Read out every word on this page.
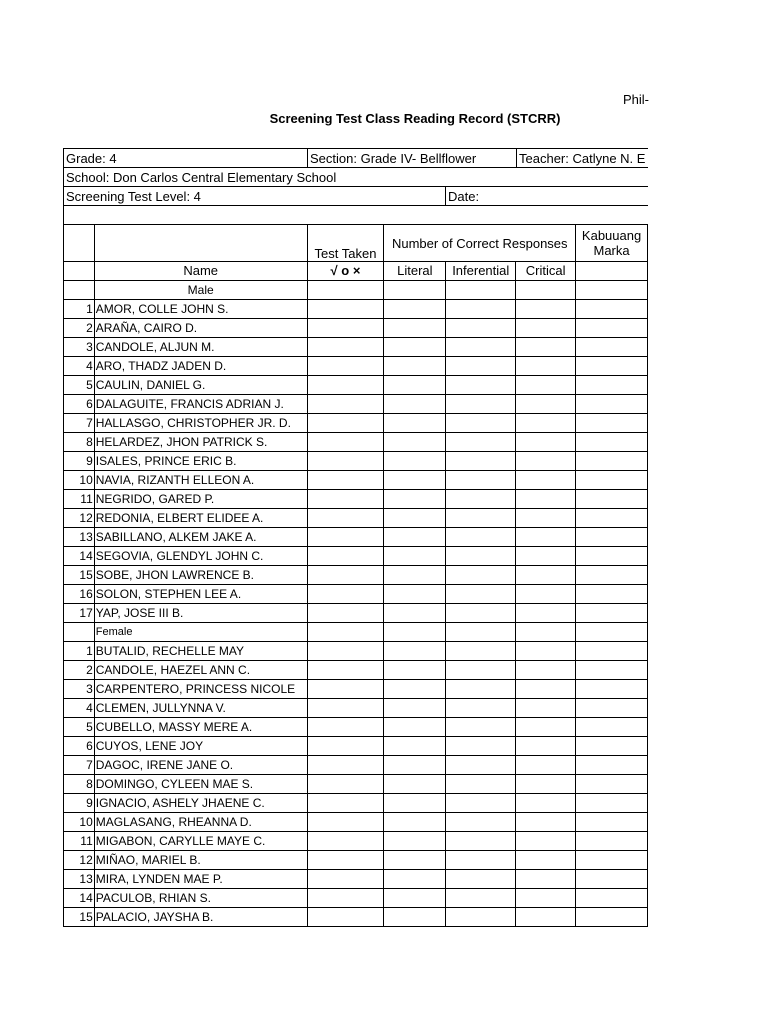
Phil-
Screening Test Class Reading Record (STCRR)
Grade: 4	Section: Grade IV- Bellflower	Teacher: Catlyne N. E
School: Don Carlos Central Elementary School
Screening Test Level: 4	Date:
		Test Taken	Number of Correct Responses			Kabuuang
Marka
	Name	√ o ×	Literal	Inferential	Critical	
	Male					
1	AMOR, COLLE JOHN S.					
2	ARAÑA, CAIRO D.					
3	CANDOLE, ALJUN M.					
4	ARO, THADZ JADEN D.					
5	CAULIN, DANIEL G.					
6	DALAGUITE, FRANCIS ADRIAN J.					
7	HALLASGO, CHRISTOPHER JR. D.					
8	HELARDEZ, JHON PATRICK S.					
9	ISALES, PRINCE ERIC B.					
10	NAVIA, RIZANTH ELLEON A.					
11	NEGRIDO, GARED P.					
12	REDONIA, ELBERT ELIDEE A.					
13	SABILLANO, ALKEM JAKE A.					
14	SEGOVIA, GLENDYL JOHN C.					
15	SOBE, JHON LAWRENCE B.					
16	SOLON, STEPHEN LEE A.					
17	YAP, JOSE III B.					
	Female					
1	BUTALID, RECHELLE MAY					
2	CANDOLE, HAEZEL ANN C.					
3	CARPENTERO, PRINCESS NICOLE					
4	CLEMEN, JULLYNNA V.					
5	CUBELLO, MASSY MERE A.					
6	CUYOS, LENE JOY					
7	DAGOC, IRENE JANE O.					
8	DOMINGO, CYLEEN MAE S.					
9	IGNACIO, ASHELY JHAENE C.					
10	MAGLASANG, RHEANNA D.					
11	MIGABON, CARYLLE MAYE C.					
12	MIÑAO, MARIEL B.					
13	MIRA, LYNDEN MAE P.					
14	PACULOB, RHIAN S.					
15	PALACIO, JAYSHA B.					
